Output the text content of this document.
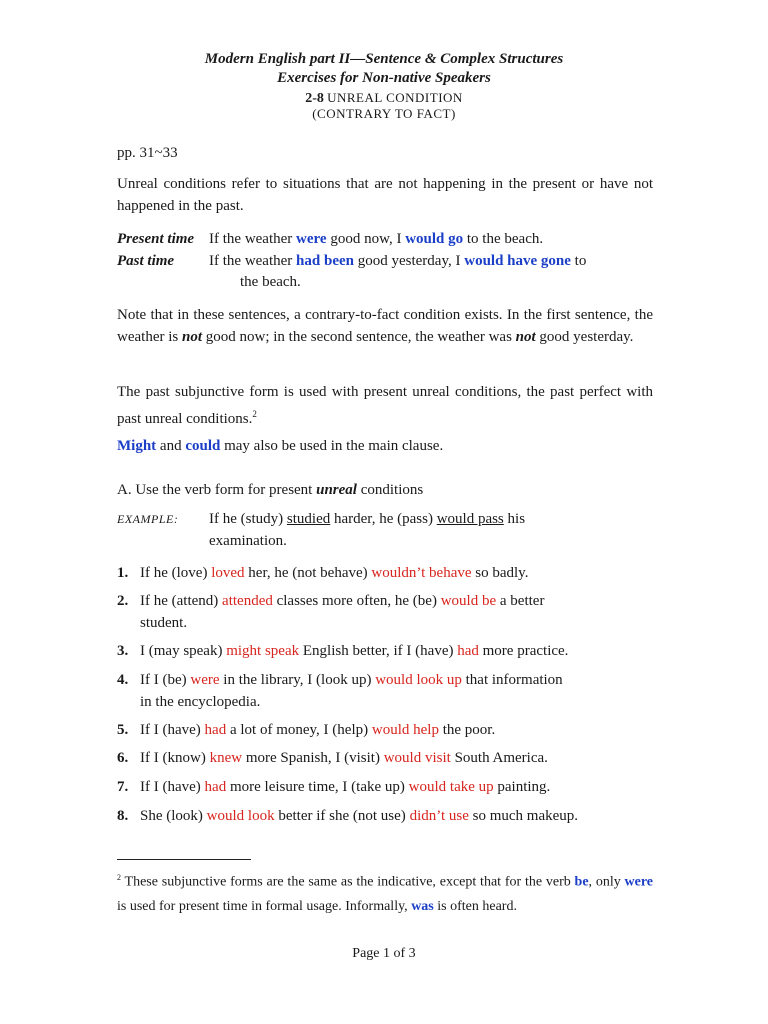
Modern English part II—Sentence & Complex Structures
Exercises for Non-native Speakers
2-8 UNREAL CONDITION
(CONTRARY TO FACT)
pp. 31~33
Unreal conditions refer to situations that are not happening in the present or have not happened in the past.
Present time If the weather were good now, I would go to the beach.
Past time If the weather had been good yesterday, I would have gone to
the beach.
Note that in these sentences, a contrary-to-fact condition exists. In the first sentence, the weather is not good now; in the second sentence, the weather was not good yesterday.
The past subjunctive form is used with present unreal conditions, the past perfect with past unreal conditions.$^2$
Might and could may also be used in the main clause.
A. Use the verb form for present unreal conditions
EXAMPLE: If he (study) studied harder, he (pass) would pass his
examination.
1. If he (love) loved her, he (not behave) wouldn’t behave so badly.
2. If he (attend) attended classes more often, he (be) would be a better
student.
3. I (may speak) might speak English better, if I (have) had more practice.
4. If I (be) were in the library, I (look up) would look up that information
in the encyclopedia.
5. If I (have) had a lot of money, I (help) would help the poor.
6. If I (know) knew more Spanish, I (visit) would visit South America.
7. If I (have) had more leisure time, I (take up) would take up painting.
8. She (look) would look better if she (not use) didn’t use so much makeup.
$^2$ These subjunctive forms are the same as the indicative, except that for the verb be, only were is used for present time in formal usage. Informally, was is often heard.
Page 1 of 3
